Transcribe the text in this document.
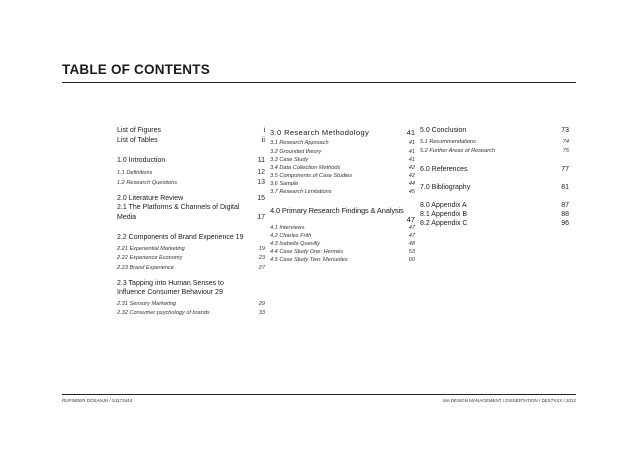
TABLE OF CONTENTS
List of Figures	i
List of Tables	ii
1.0 Introduction	11
1.1 Definitions	12
1.2 Research Questions	13
2.0 Literature Review	15
2.1 The Platforms & Channels of Digital
Media	17
2.2 Components of Brand Experience 19
2.21 Experiential Marketing	19
2.22 Experience Economy	23
2.23 Brand Experience	27
2.3 Tapping into Human Senses to
Influence Consumer Behaviour 29
2.31 Sensory Marketing	29
2.32 Consumer psychology of brands	33
3.0 Research Methodology	41
3.1 Research Approach	41
3.2 Grounded theory	41
3.3 Case Study	41
3.4 Data Collection Methods	42
3.5 Components of Case Studies	42
3.6 Sample	44
3.7 Research Limitations	45
4.0 Primary Research Findings & Analysis
47
4.1 Interviews	47
4.2 Charles Frith	47
4.3 Isabelle Quevilly	48
4.4 Case Study One: Hermès	53
4.5 Case Study Two: Mercedes	60
5.0 Conclusion	73
5.1 Recommendations	74
5.2 Further Areas of Research	75
6.0 References	77
7.0 Bibliography	81
8.0 Appendix A	87
8.1 Appendix B	88
8.2 Appendix C	96
RUPINDER DOSANJH / S1173444	MA DESIGN MANAGEMENT / DISSERTATION / DES7XXX / 2012
